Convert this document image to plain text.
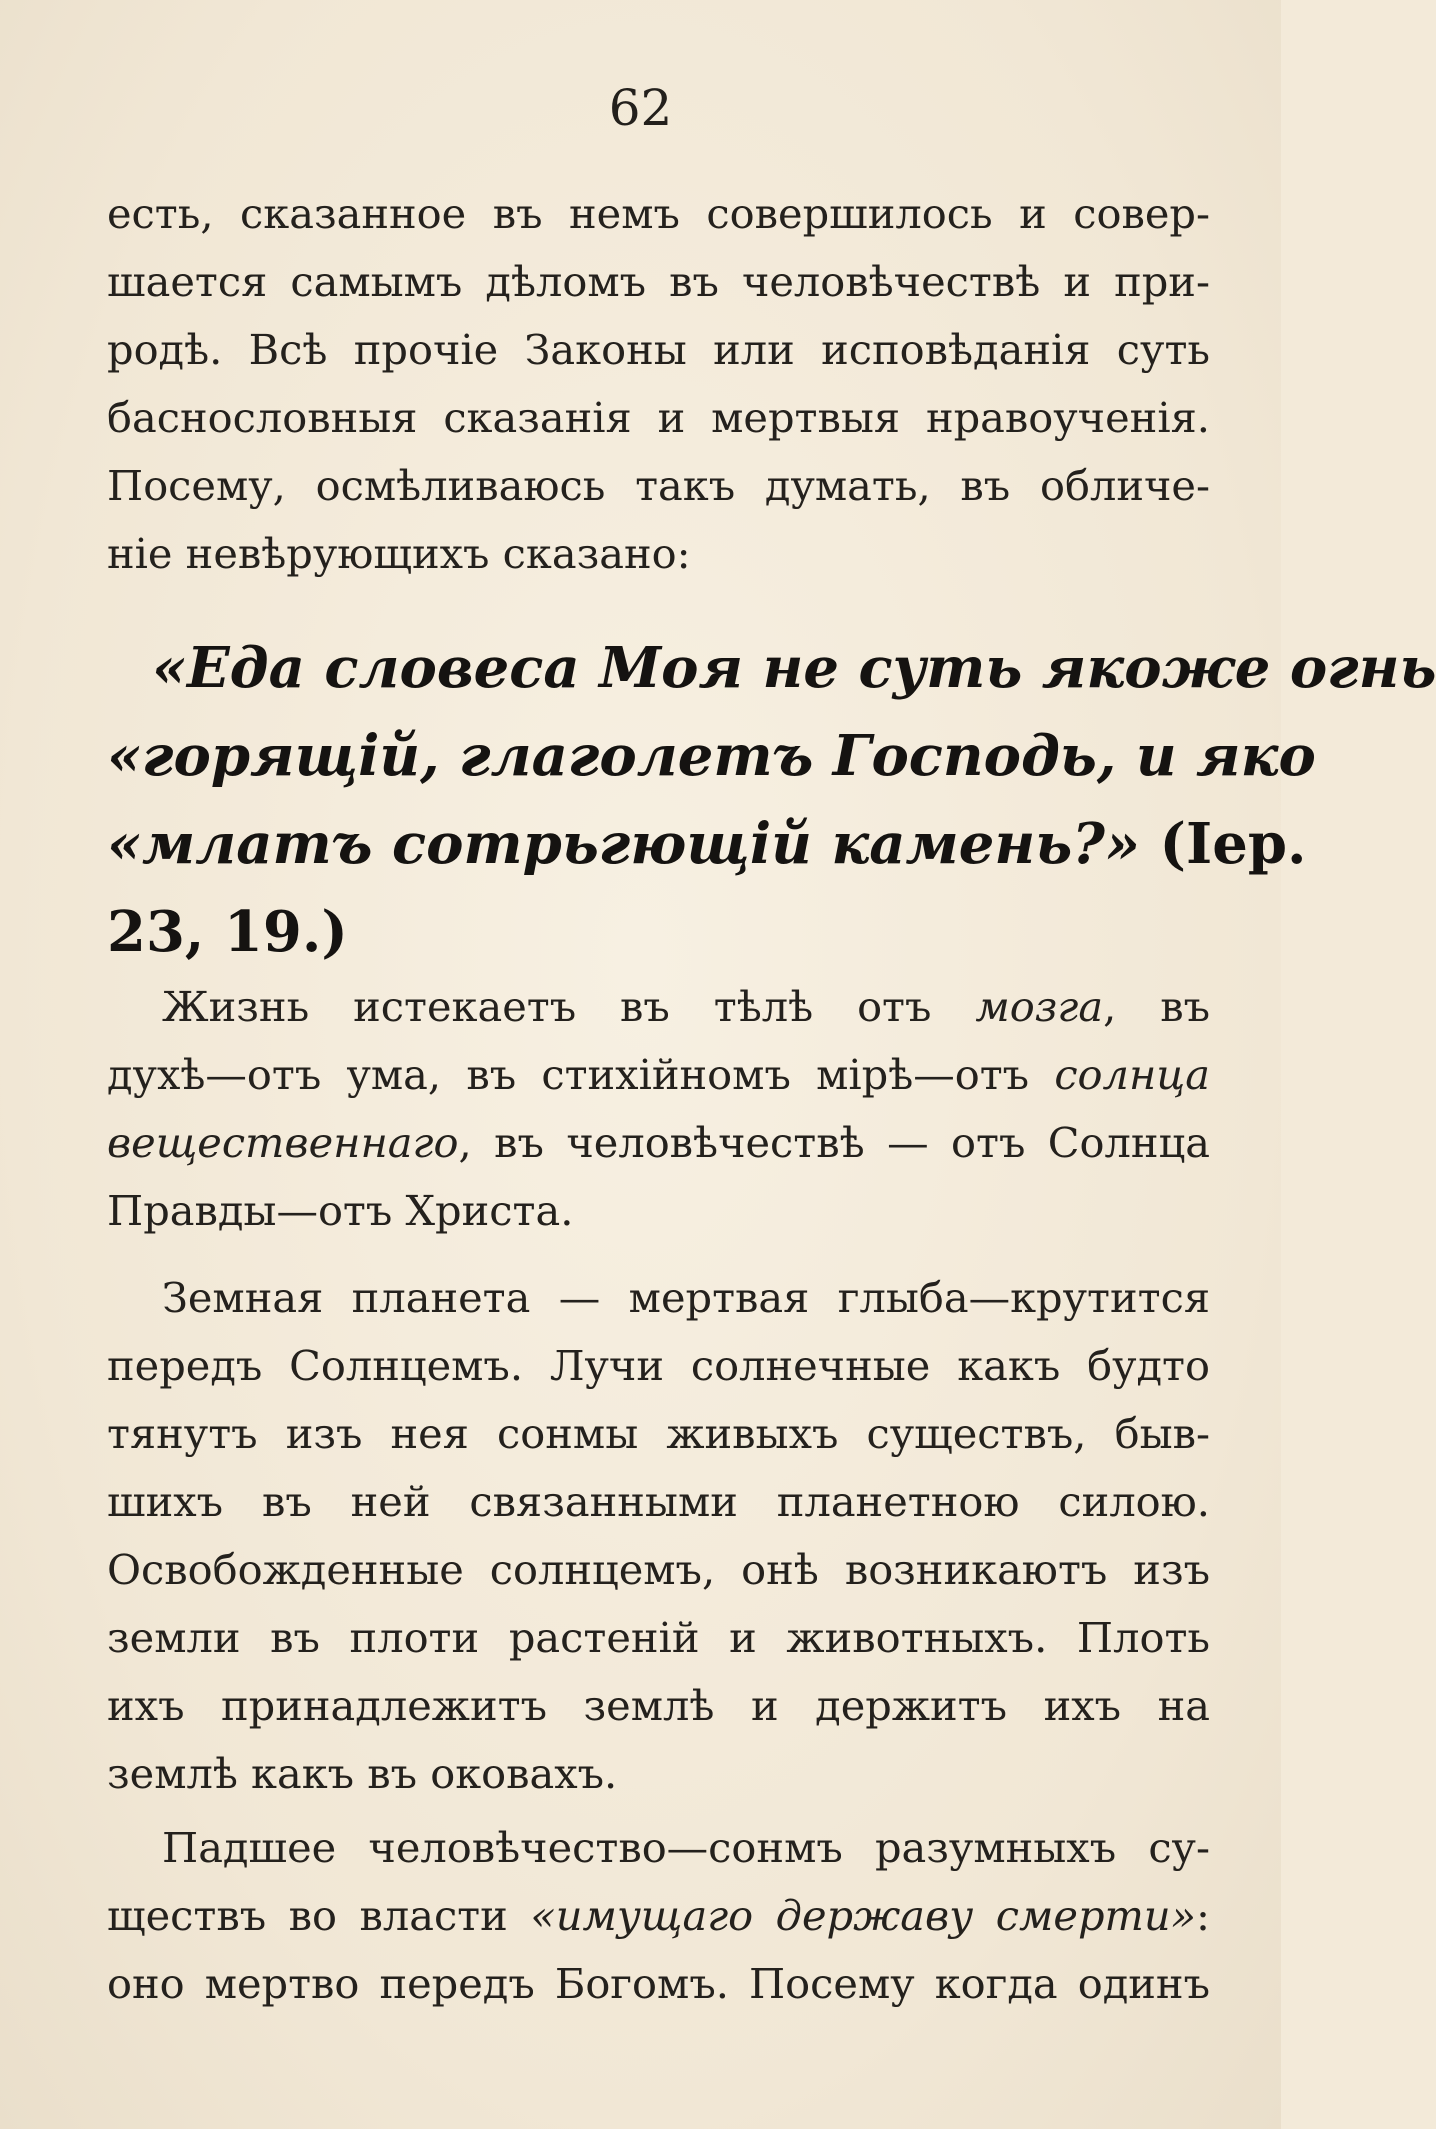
62
есть, сказанное въ немъ совершилось и совер-
шается самымъ дѣломъ въ человѣчествѣ и при-
родѣ. Всѣ прочіе Законы или исповѣданія суть
баснословныя сказанія и мертвыя нравоученія.
Посему, осмѣливаюсь такъ думать, въ обличе-
ніе невѣрующихъ сказано:
«Еда словеса Моя не суть якоже огнь
«горящій, глаголетъ Господь, и яко
«млатъ сотрьгющій камень?» (Іер.
23, 19.)
Жизнь истекаетъ въ тѣлѣ отъ мозга, въ
духѣ—отъ ума, въ стихійномъ мірѣ—отъ солнца
вещественнаго, въ человѣчествѣ — отъ Солнца
Правды—отъ Христа.
Земная планета — мертвая глыба—крутится
передъ Солнцемъ. Лучи солнечные какъ будто
тянутъ изъ нея сонмы живыхъ существъ, быв-
шихъ въ ней связанными планетною силою.
Освобожденные солнцемъ, онѣ возникаютъ изъ
земли въ плоти растеній и животныхъ. Плоть
ихъ принадлежитъ землѣ и держитъ ихъ на
землѣ какъ въ оковахъ.
Падшее человѣчество—сонмъ разумныхъ су-
ществъ во власти «имущаго державу смерти»:
оно мертво передъ Богомъ. Посему когда одинъ
